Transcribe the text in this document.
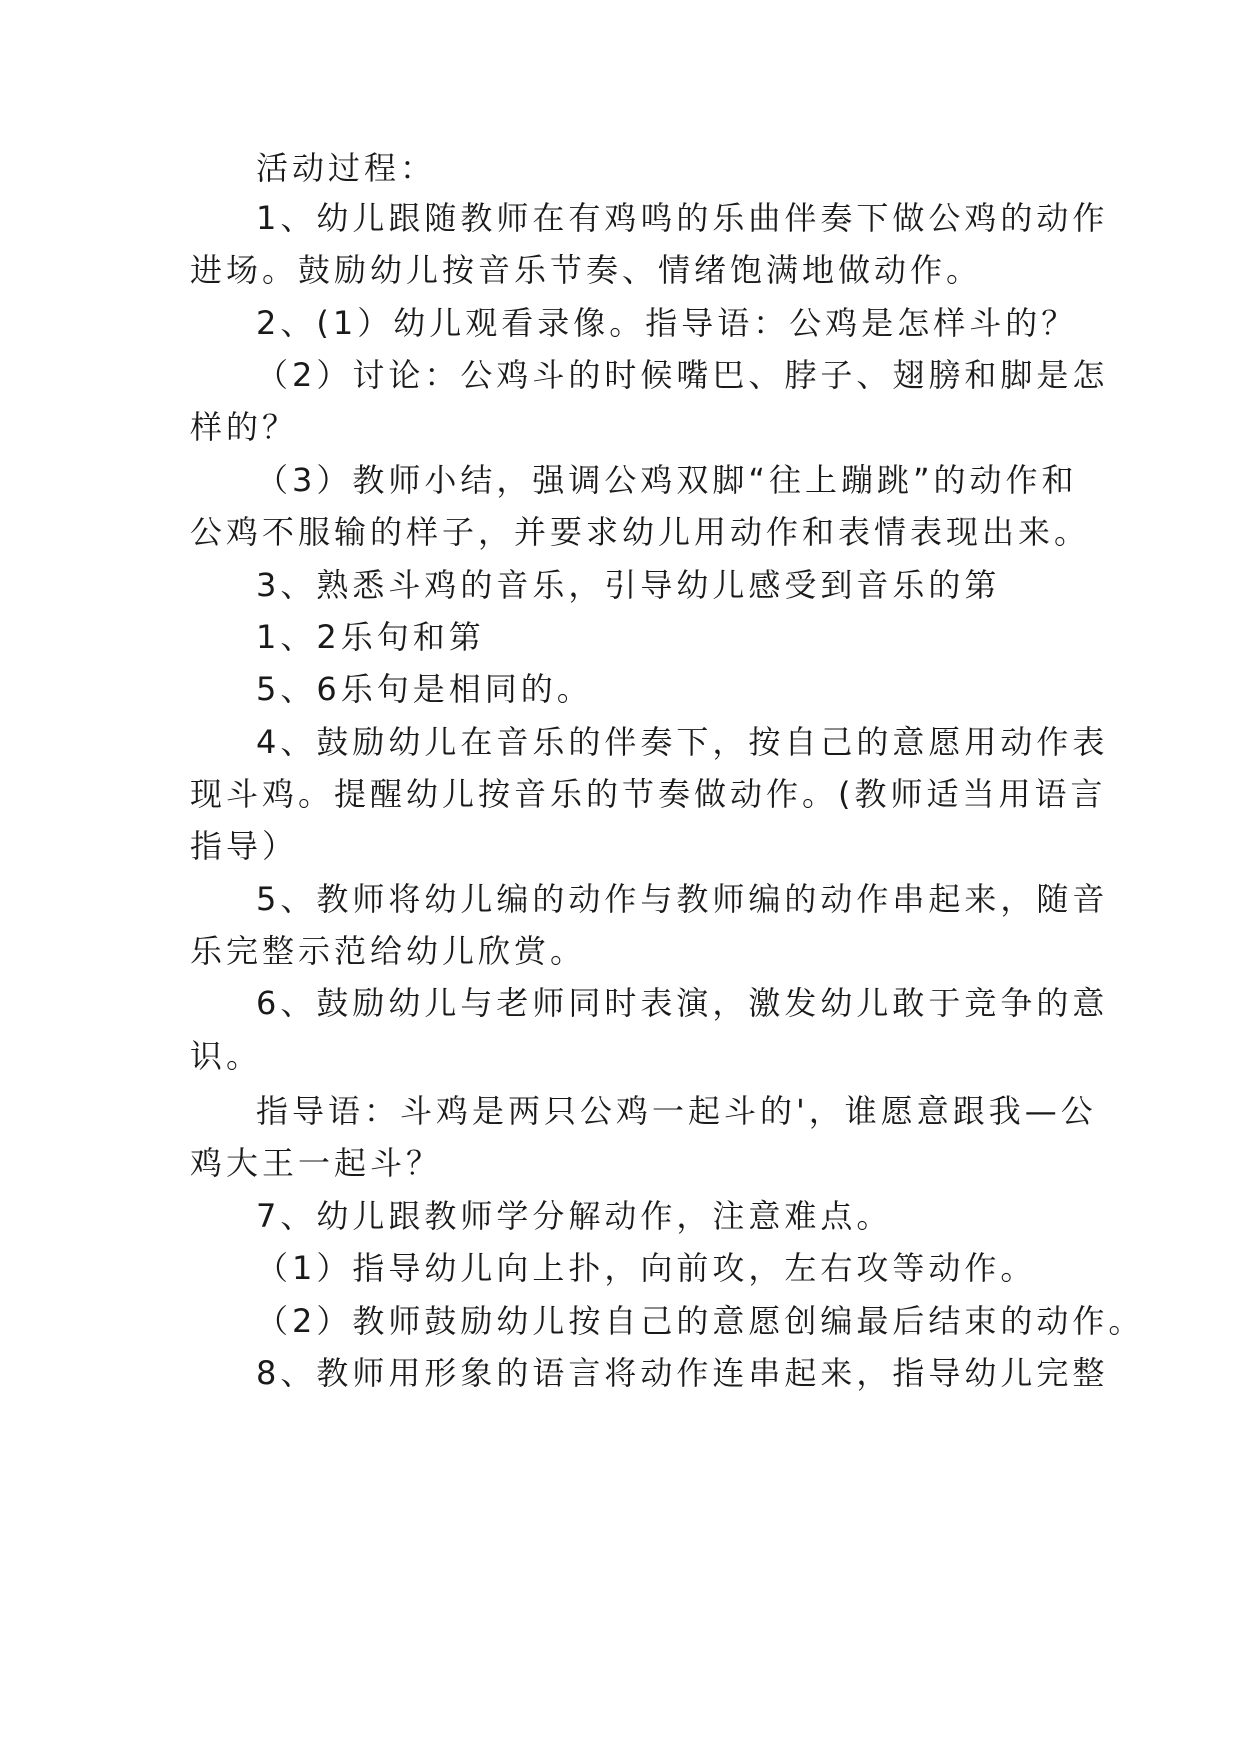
活动过程：
1、幼儿跟随教师在有鸡鸣的乐曲伴奏下做公鸡的动作
进场。鼓励幼儿按音乐节奏、情绪饱满地做动作。
2、(1）幼儿观看录像。指导语：公鸡是怎样斗的？
（2）讨论：公鸡斗的时候嘴巴、脖子、翅膀和脚是怎
样的？
（3）教师小结，强调公鸡双脚“往上蹦跳”的动作和
公鸡不服输的样子，并要求幼儿用动作和表情表现出来。
3、熟悉斗鸡的音乐，引导幼儿感受到音乐的第
1、2乐句和第
5、6乐句是相同的。
4、鼓励幼儿在音乐的伴奏下，按自己的意愿用动作表
现斗鸡。提醒幼儿按音乐的节奏做动作。(教师适当用语言
指导）
5、教师将幼儿编的动作与教师编的动作串起来，随音
乐完整示范给幼儿欣赏。
6、鼓励幼儿与老师同时表演，激发幼儿敢于竞争的意
识。
指导语：斗鸡是两只公鸡一起斗的'，谁愿意跟我—公
鸡大王一起斗？
7、幼儿跟教师学分解动作，注意难点。
（1）指导幼儿向上扑，向前攻，左右攻等动作。
（2）教师鼓励幼儿按自己的意愿创编最后结束的动作。
8、教师用形象的语言将动作连串起来，指导幼儿完整
